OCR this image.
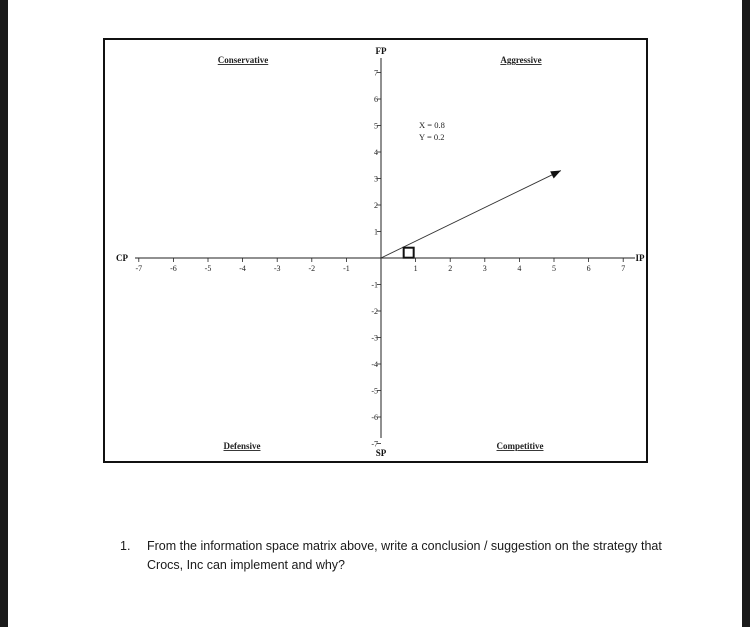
-7	-6	-5	-4	-3	-2	-1	1	2	3	4	5	6	7
7
6
5
4
3
2
1
-1
-2
-3
-4
-5
-6
-7
Conservative	Aggressive
Defensive	Competitive
FP
SP
CP	IP
X = 0.8
Y = 0.2
1. From the information space matrix above, write a conclusion / suggestion on the strategy that Crocs, Inc can implement and why?
